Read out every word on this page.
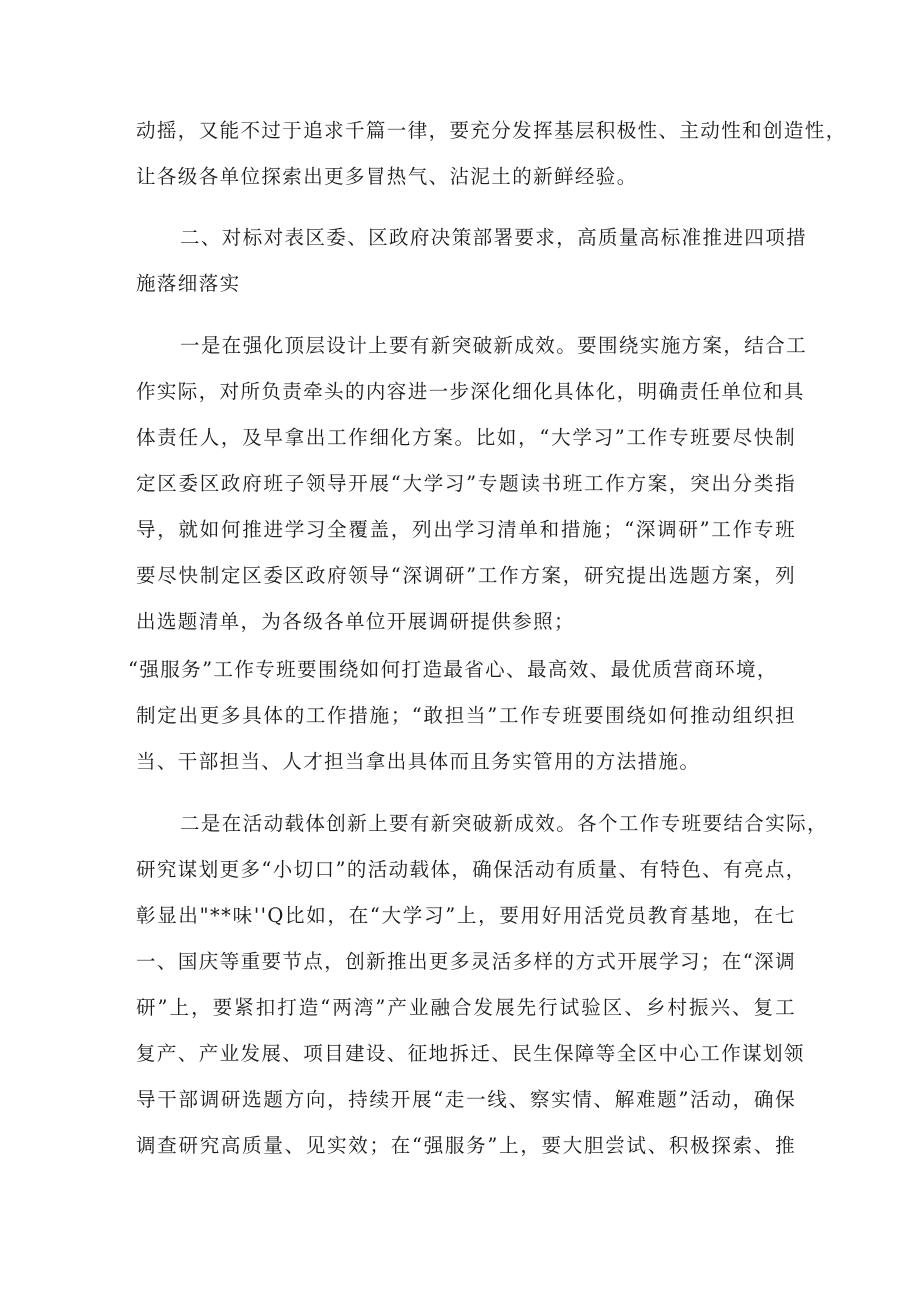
动摇，又能不过于追求千篇一律，要充分发挥基层积极性、主动性和创造性，
让各级各单位探索出更多冒热气、沾泥土的新鲜经验。
二、对标对表区委、区政府决策部署要求，高质量高标准推进四项措
施落细落实
一是在强化顶层设计上要有新突破新成效。要围绕实施方案，结合工
作实际，对所负责牵头的内容进一步深化细化具体化，明确责任单位和具
体责任人，及早拿出工作细化方案。比如，“大学习”工作专班要尽快制
定区委区政府班子领导开展“大学习”专题读书班工作方案，突出分类指
导，就如何推进学习全覆盖，列出学习清单和措施；“深调研”工作专班
要尽快制定区委区政府领导“深调研”工作方案，研究提出选题方案，列
出选题清单，为各级各单位开展调研提供参照；
“强服务”工作专班要围绕如何打造最省心、最高效、最优质营商环境，
制定出更多具体的工作措施；“敢担当”工作专班要围绕如何推动组织担
当、干部担当、人才担当拿出具体而且务实管用的方法措施。
二是在活动载体创新上要有新突破新成效。各个工作专班要结合实际，
研究谋划更多“小切口”的活动载体，确保活动有质量、有特色、有亮点，
彰显出"**味''Q比如，在“大学习”上，要用好用活党员教育基地，在七
一、国庆等重要节点，创新推出更多灵活多样的方式开展学习；在“深调
研”上，要紧扣打造“两湾”产业融合发展先行试验区、乡村振兴、复工
复产、产业发展、项目建设、征地拆迁、民生保障等全区中心工作谋划领
导干部调研选题方向，持续开展“走一线、察实情、解难题”活动，确保
调查研究高质量、见实效；在“强服务”上，要大胆尝试、积极探索、推
